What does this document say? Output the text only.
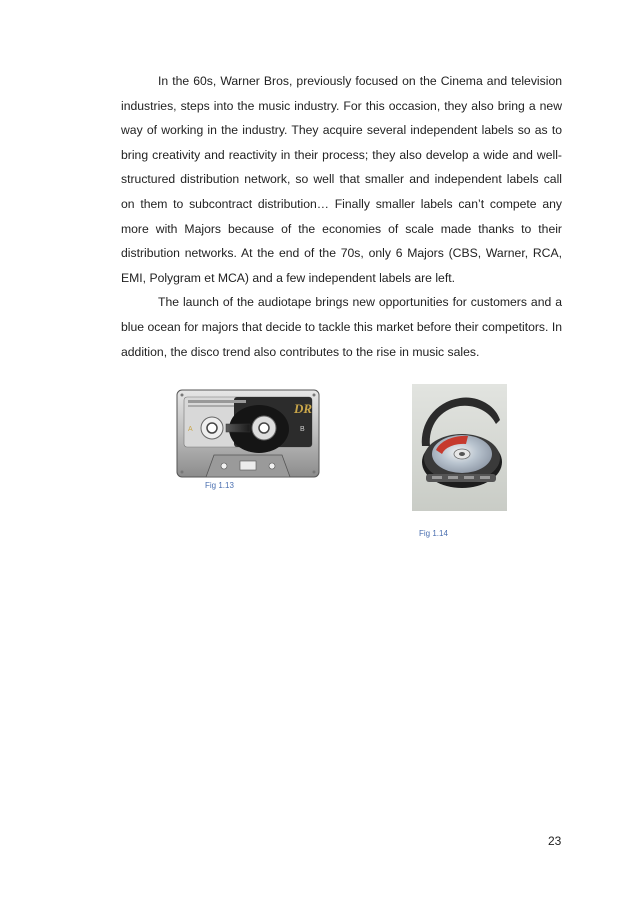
In the 60s, Warner Bros, previously focused on the Cinema and television industries, steps into the music industry. For this occasion, they also bring a new way of working in the industry. They acquire several independent labels so as to bring creativity and reactivity in their process; they also develop a wide and well-structured distribution network, so well that smaller and independent labels call on them to subcontract distribution… Finally smaller labels can’t compete any more with Majors because of the economies of scale made thanks to their distribution networks. At the end of the 70s, only 6 Majors (CBS, Warner, RCA, EMI, Polygram et MCA) and a few independent labels are left.

The launch of the audiotape brings new opportunities for customers and a blue ocean for majors that decide to tackle this market before their competitors. In addition, the disco trend also contributes to the rise in music sales.

DR
A	B
Fig 1.13
Fig 1.14
23
